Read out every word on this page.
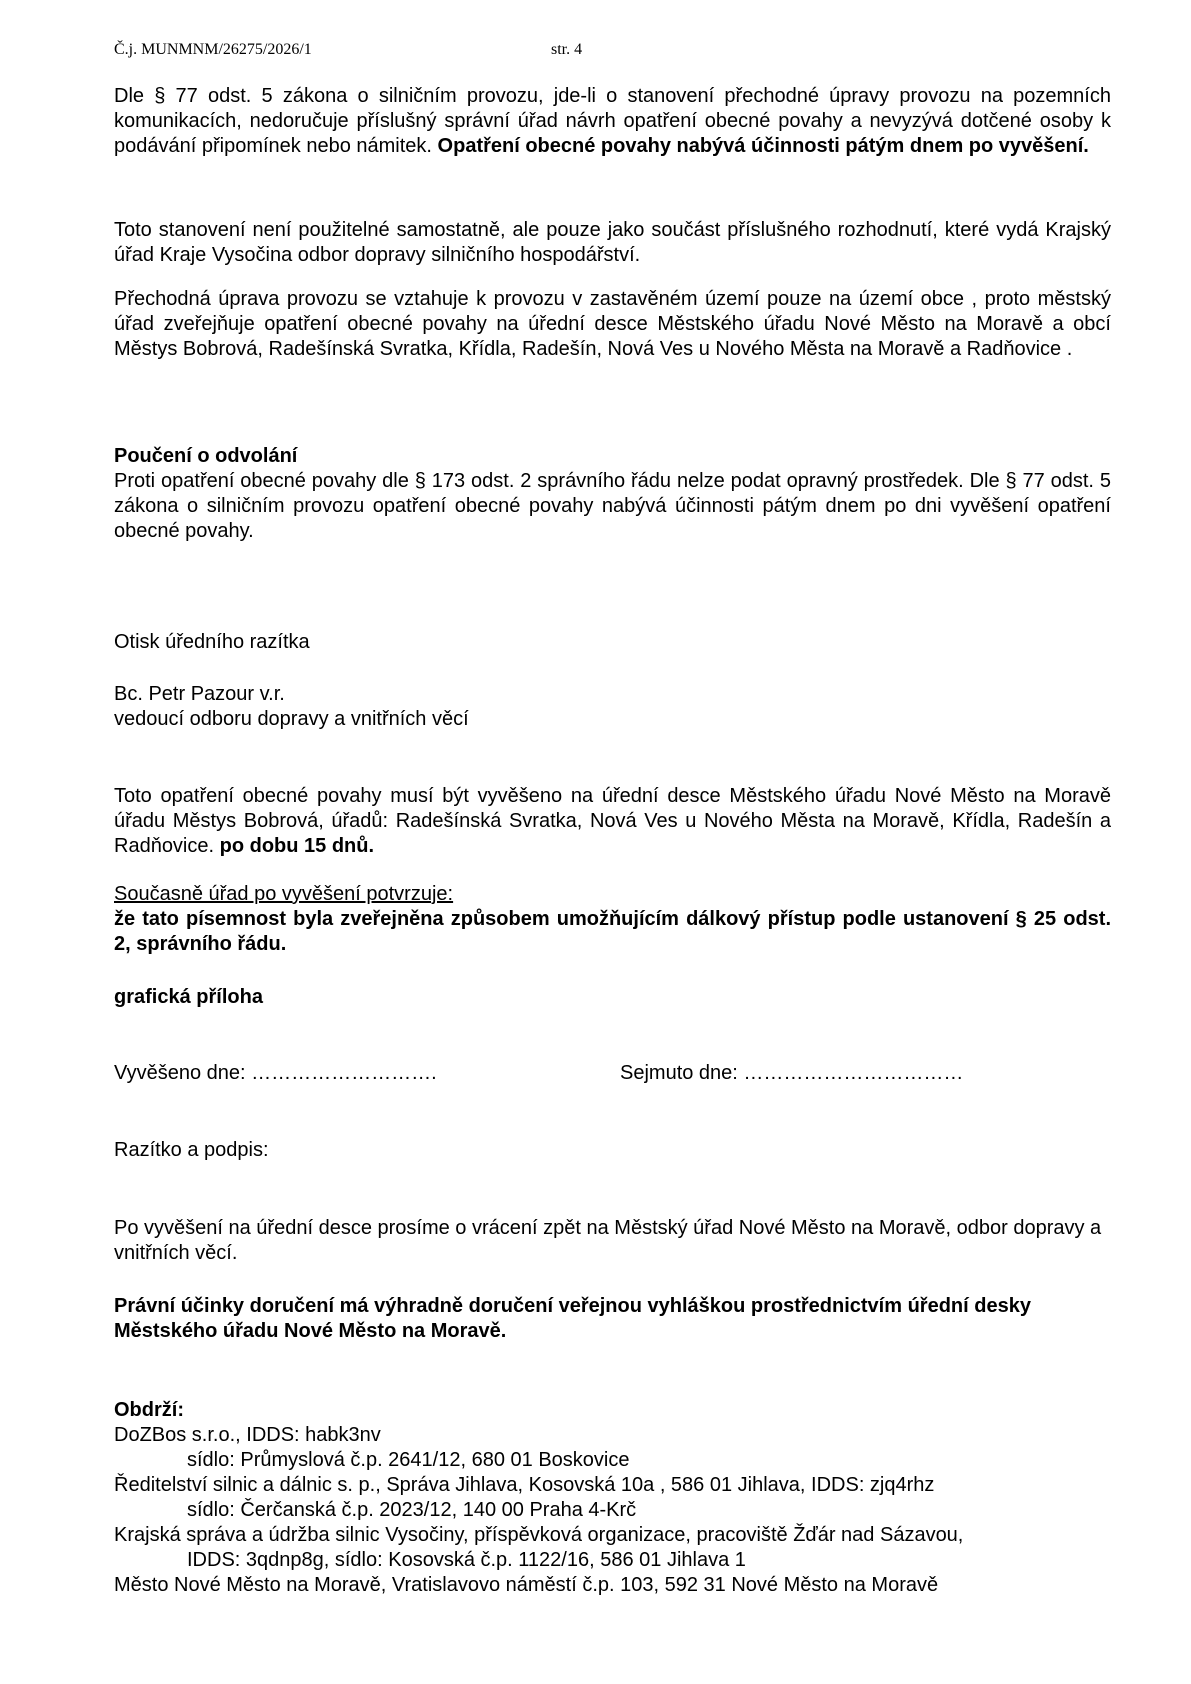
Č.j. MUNMNM/26275/2026/1	str. 4
Dle § 77 odst. 5 zákona o silničním provozu, jde-li o stanovení přechodné úpravy provozu na pozemních komunikacích, nedoručuje příslušný správní úřad návrh opatření obecné povahy a nevyzývá dotčené osoby k podávání připomínek nebo námitek. Opatření obecné povahy nabývá účinnosti pátým dnem po vyvěšení.
Toto stanovení není použitelné samostatně, ale pouze jako součást příslušného rozhodnutí, které vydá Krajský úřad Kraje Vysočina odbor dopravy silničního hospodářství.
Přechodná úprava provozu se vztahuje k provozu v zastavěném území pouze na území obce , proto městský úřad zveřejňuje opatření obecné povahy na úřední desce Městského úřadu Nové Město na Moravě a obcí Městys Bobrová, Radešínská Svratka, Křídla, Radešín, Nová Ves u Nového Města na Moravě a Radňovice .
Poučení o odvolání
Proti opatření obecné povahy dle § 173 odst. 2 správního řádu nelze podat opravný prostředek. Dle § 77 odst. 5 zákona o silničním provozu opatření obecné povahy nabývá účinnosti pátým dnem po dni vyvěšení opatření obecné povahy.
Otisk úředního razítka
Bc. Petr Pazour v.r.
vedoucí odboru dopravy a vnitřních věcí
Toto opatření obecné povahy musí být vyvěšeno na úřední desce Městského úřadu Nové Město na Moravě úřadu Městys Bobrová, úřadů: Radešínská Svratka, Nová Ves u Nového Města na Moravě, Křídla, Radešín a Radňovice. po dobu 15 dnů.
Současně úřad po vyvěšení potvrzuje:
že tato písemnost byla zveřejněna způsobem umožňujícím dálkový přístup podle ustanovení § 25 odst. 2, správního řádu.
grafická příloha
Vyvěšeno dne: ……………………….	Sejmuto dne: ……………………………
Razítko a podpis:
Po vyvěšení na úřední desce prosíme o vrácení zpět na Městský úřad Nové Město na Moravě, odbor dopravy a vnitřních věcí.
Právní účinky doručení má výhradně doručení veřejnou vyhláškou prostřednictvím úřední desky Městského úřadu Nové Město na Moravě.
Obdrží:
DoZBos s.r.o., IDDS: habk3nv
sídlo: Průmyslová č.p. 2641/12, 680 01 Boskovice
Ředitelství silnic a dálnic s. p., Správa Jihlava, Kosovská 10a , 586 01 Jihlava, IDDS: zjq4rhz
sídlo: Čerčanská č.p. 2023/12, 140 00 Praha 4-Krč
Krajská správa a údržba silnic Vysočiny, příspěvková organizace, pracoviště Žďár nad Sázavou,
IDDS: 3qdnp8g, sídlo: Kosovská č.p. 1122/16, 586 01 Jihlava 1
Město Nové Město na Moravě, Vratislavovo náměstí č.p. 103, 592 31 Nové Město na Moravě
